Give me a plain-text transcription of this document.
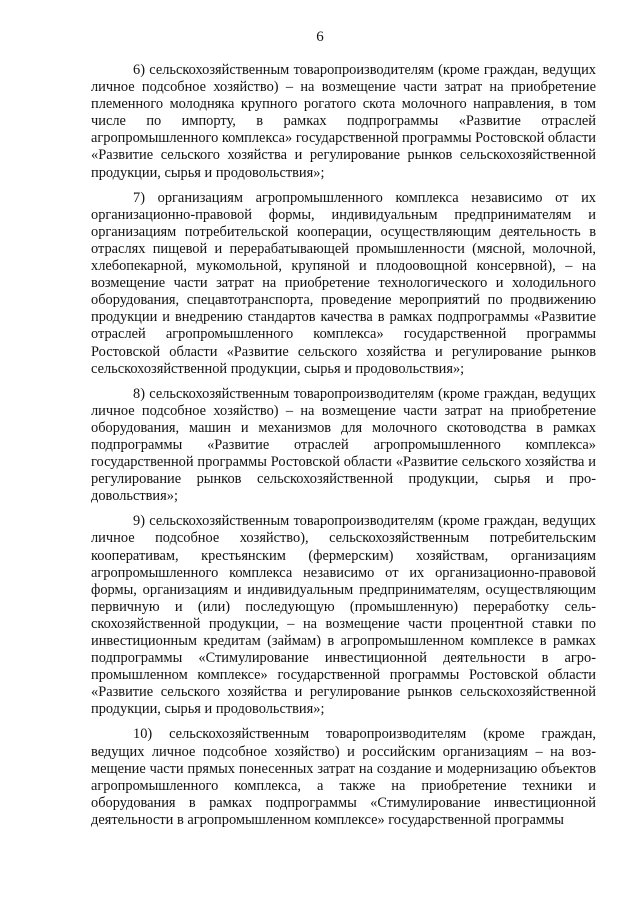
6

6) сельскохозяйственным товаропроизводителям (кроме граждан, ведущих личное подсобное хозяйство) – на возмещение части затрат на приобретение племенного молодняка крупного рогатого скота молочного направления, в том числе по импорту, в рамках подпрограммы «Развитие отраслей агропромышленного комплекса» государственной программы Ростовской области «Развитие сельского хозяйства и регулирование рынков сельскохозяйственной продукции, сырья и продовольствия»;

7) организациям агропромышленного комплекса независимо от их организационно-правовой формы, индивидуальным предпринимателям и организациям потребительской кооперации, осуществляющим деятельность в отраслях пищевой и перерабатывающей промышленности (мясной, молочной, хлебопекарной, мукомольной, крупяной и плодоовощной консервной), – на возмещение части затрат на приобретение технологического и холодильного оборудования, спецавтотранспорта, проведение мероприятий по продвижению продукции и внедрению стандартов качества в рамках подпрограммы «Развитие отраслей агропромышленного комплекса» государственной программы Ростовской области «Развитие сельского хозяйства и регулирование рынков сельскохозяйственной продукции, сырья и продовольствия»;

8) сельскохозяйственным товаропроизводителям (кроме граждан, ведущих личное подсобное хозяйство) – на возмещение части затрат на приобретение оборудования, машин и механизмов для молочного скотоводства в рамках подпрограммы «Развитие отраслей агропромышленного комплекса» государственной программы Ростовской области «Развитие сельского хозяйства и регулирование рынков сельскохозяйственной продукции, сырья и продовольствия»;

9) сельскохозяйственным товаропроизводителям (кроме граждан, ведущих личное подсобное хозяйство), сельскохозяйственным потребительским кооперативам, крестьянским (фермерским) хозяйствам, организациям агропромышленного комплекса независимо от их организационно-правовой формы, организациям и индивидуальным предпринимателям, осуществляющим первичную и (или) последующую (промышленную) переработку сельскохозяйственной продукции, – на возмещение части процентной ставки по инвестиционным кредитам (займам) в агропромышленном комплексе в рамках подпрограммы «Стимулирование инвестиционной деятельности в агропромышленном комплексе» государственной программы Ростовской области «Развитие сельского хозяйства и регулирование рынков сельскохозяйственной продукции, сырья и продовольствия»;

10) сельскохозяйственным товаропроизводителям (кроме граждан, ведущих личное подсобное хозяйство) и российским организациям – на возмещение части прямых понесенных затрат на создание и модернизацию объектов агропромышленного комплекса, а также на приобретение техники и оборудования в рамках подпрограммы «Стимулирование инвестиционной деятельности в агропромышленном комплексе» государственной программы
